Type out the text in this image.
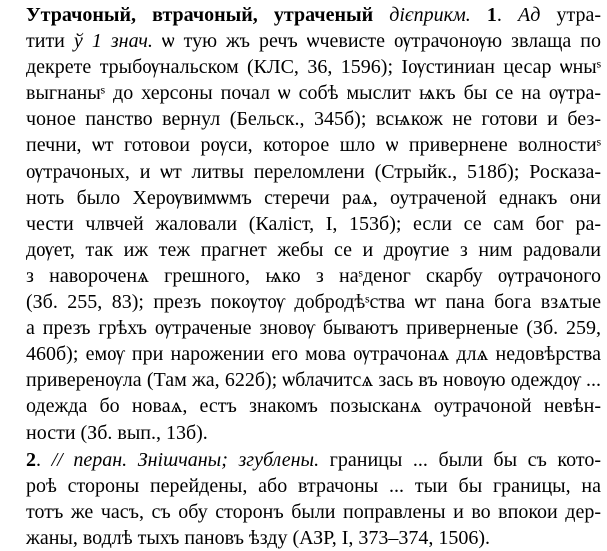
Утрачоный, втрачоный, утраченый дієприкм. 1. Ад утра-
тити ў 1 знач. ѡ тую жъ речъ ѡчевисте ѹтрачонѹю звлаща по
декрете трыбѹнальском (КЛС, 36, 1596); Іѹстиниан цесар ѡныˢ
выгнаныˢ до херсоны почал ѡ собѣ мыслит ѩкъ бы се на ѹтра-
чоное панство вернул (Бельск., 345б); всѩкож не готови и без-
печни, ѡт готовои рѹси, которое шло ѡ привернене волностиˢ
ѹтрачоных, и ѡт литвы переломлени (Стрыйк., 518б); Росказа-
ноть было Херѹвимѡмъ стеречи раѧ, оутраченой еднакъ они
чести члвчей жаловали (Каліст, І, 153б); если се сам бог ра-
дѹет, так иж теж прагнет жебы се и дрѹгие з ним радовали
з навороченѧ грешного, ѩко з наˢденог скарбу ѹтрачоного
(Зб. 255, 83); презъ покѹтѹ добродѣˢства ѡт пана бога взѧтые
а презъ грѣхъ ѹтраченые зновѹ бываютъ привернeныe (Зб. 259,
460б); емѹ при нарожении его мова ѹтрачонаѧ длѧ недовѣрства
приверенѹла (Там жа, 622б); ѡблачитсѧ зась въ новѹю одеждѹ ...
одежда бо новаѧ, естъ знакомъ позысканѧ оутрачоной невѣн-
ности (Зб. вып., 13б).
2. // перан. Знішчаны; згублены. границы ... были бы съ кото-
роѣ стороны перейдены, або втрачоны ... тыи бы границы, на
тотъ же часъ, съ обу сторонъ были поправлены и во впокои дер-
жаны, водлѣ тыхъ пановъ ѣзду (АЗР, І, 373–374, 1506).
